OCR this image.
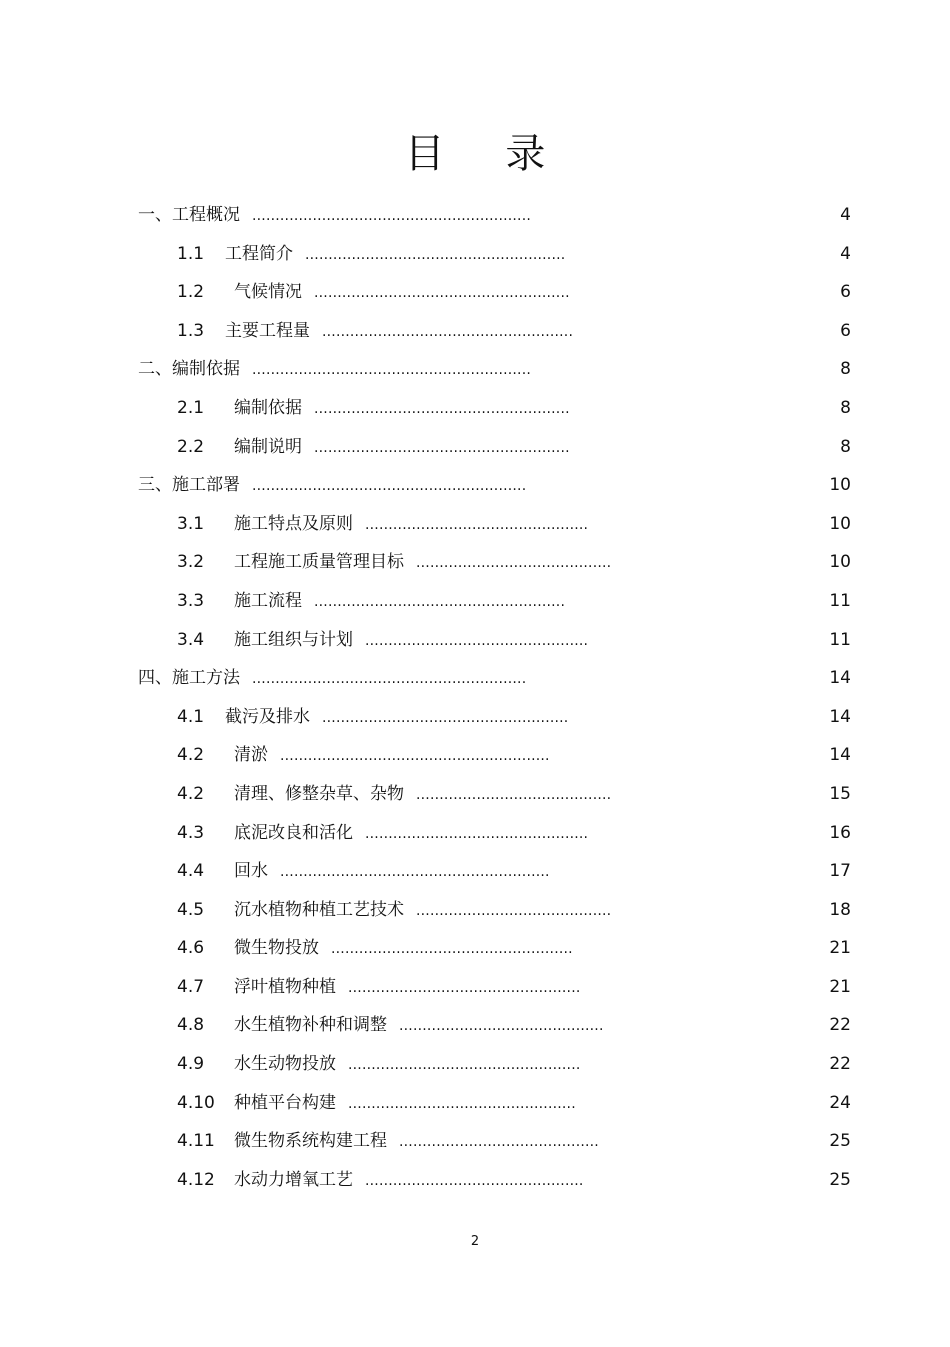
目 录
一、工程概况 ............................................................	4
1.1 工程简介 ........................................................	4
1.2 气候情况 .......................................................	6
1.3 主要工程量 ......................................................	6
二、编制依据 ............................................................	8
2.1 编制依据 .......................................................	8
2.2 编制说明 .......................................................	8
三、施工部署 ...........................................................	10
3.1 施工特点及原则 ................................................	10
3.2 工程施工质量管理目标 ..........................................	10
3.3 施工流程 ......................................................	11
3.4 施工组织与计划 ................................................	11
四、施工方法 ...........................................................	14
4.1 截污及排水 .....................................................	14
4.2 清淤 ..........................................................	14
4.2 清理、修整杂草、杂物 ..........................................	15
4.3 底泥改良和活化 ................................................	16
4.4 回水 ..........................................................	17
4.5 沉水植物种植工艺技术 ..........................................	18
4.6 微生物投放 ....................................................	21
4.7 浮叶植物种植 ..................................................	21
4.8 水生植物补种和调整 ............................................	22
4.9 水生动物投放 ..................................................	22
4.10 种植平台构建 .................................................	24
4.11 微生物系统构建工程 ...........................................	25
4.12 水动力增氧工艺 ...............................................	25
2
